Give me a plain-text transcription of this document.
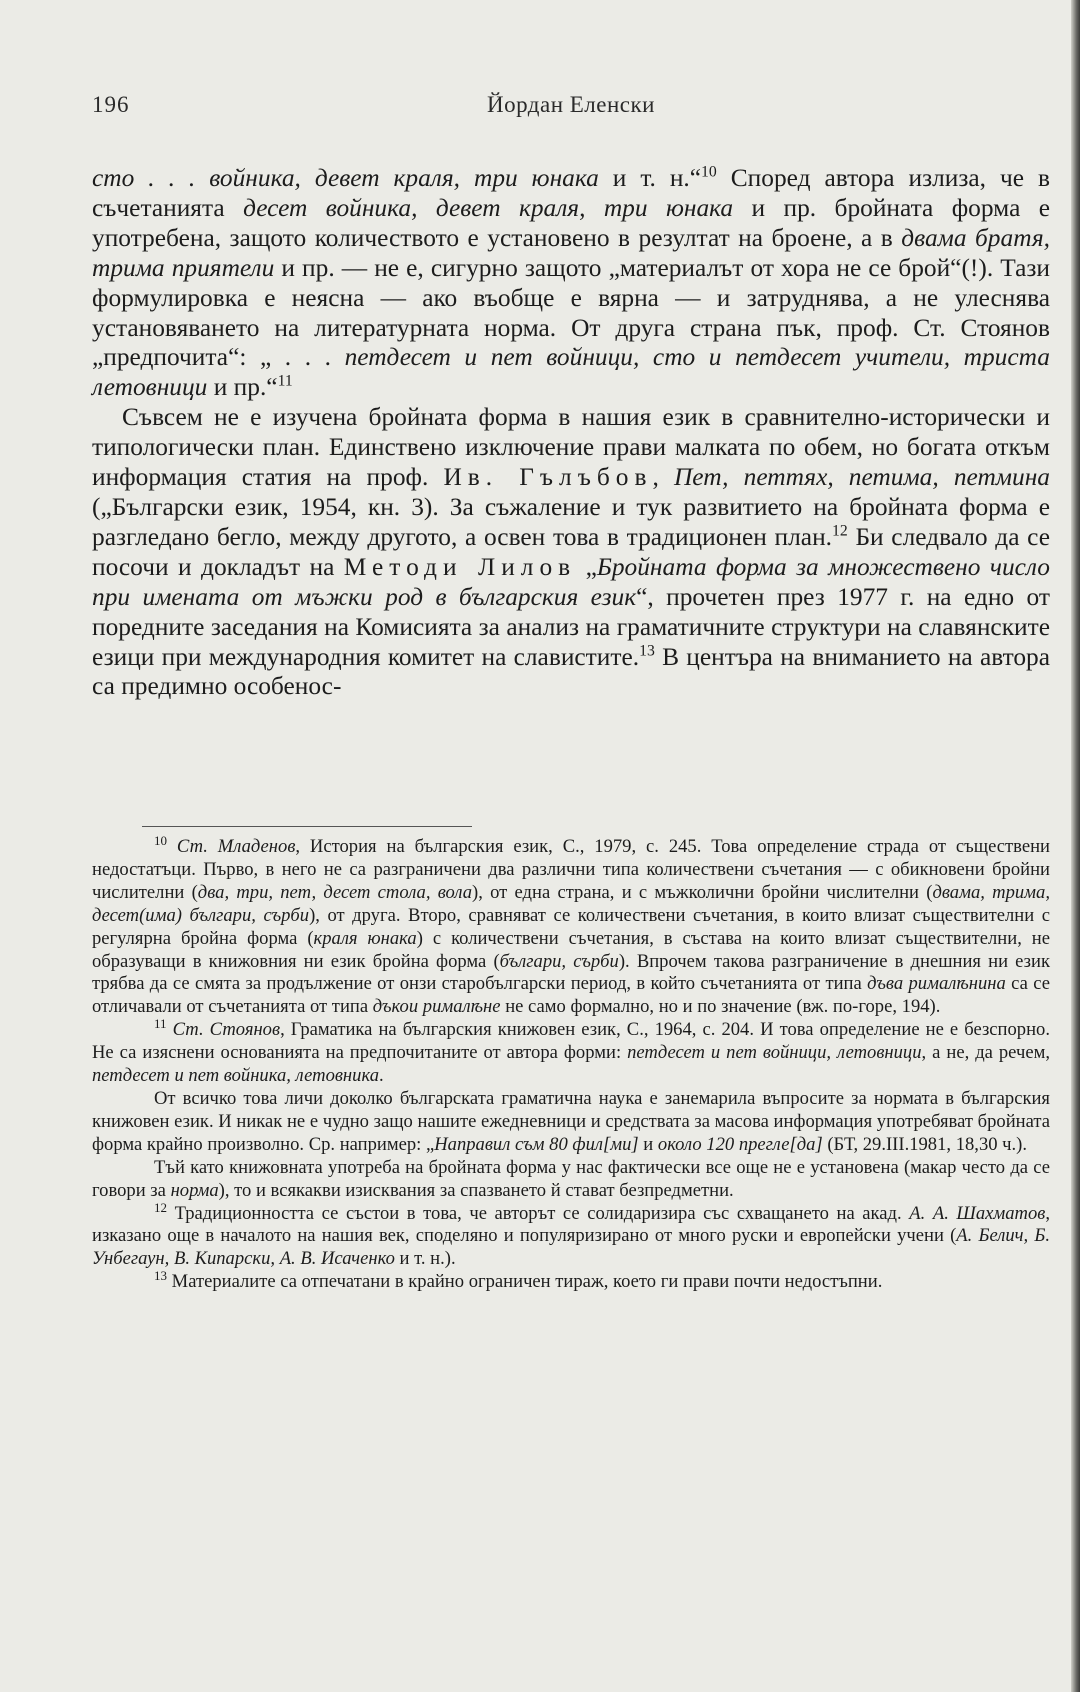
196	Йордан Еленски

сто . . . войника, девет краля, три юнака и т. н.“$^{10}$ Според автора излиза, че в съчетанията десет войника, девет краля, три юнака и пр. бройната форма е употребена, защото количеството е установено в резултат на броене, а в двама братя, трима приятели и пр. — не е, сигурно защото „материалът от хора не се брой“(!). Тази формулировка е неясна — ако въобще е вярна — и затруднява, а не улеснява установяването на литературната норма. От друга страна пък, проф. Ст. Стоянов „предпочита“: „ . . . петдесет и пет войници, сто и петдесет учители, триста летовници и пр.“$^{11}$

Съвсем не е изучена бройната форма в нашия език в сравнително-исторически и типологически план. Единствено изключение прави малката по обем, но богата откъм информация статия на проф. Ив. Гълъбов, Пет, петтях, петима, петмина („Български език, 1954, кн. 3). За съжаление и тук развитието на бройната форма е разгледано бегло, между другото, а освен това в традиционен план.$^{12}$ Би следвало да се посочи и докладът на Методи Лилов „Бройната форма за множествено число при имената от мъжки род в българския език“, прочетен през 1977 г. на едно от поредните заседания на Комисията за анализ на граматичните структури на славянските езици при международния комитет на славистите.$^{13}$ В центъра на вниманието на автора са предимно особенос-

$^{10}$ Ст. Младенов, История на българския език, С., 1979, с. 245. Това определение страда от съществени недостатъци. Първо, в него не са разграничени два различни типа количествени съчетания — с обикновени бройни числителни (два, три, пет, десет стола, вола), от една страна, и с мъжколични бройни числителни (двама, трима, десет(има) българи, сърби), от друга. Второ, сравняват се количествени съчетания, в които влизат съществителни с регулярна бройна форма (краля юнака) с количествени съчетания, в състава на които влизат съществителни, не образуващи в книжовния ни език бройна форма (българи, сърби). Впрочем такова разграничение в днешния ни език трябва да се смята за продължение от онзи старобългарски период, в който съчетанията от типа дъва рималѣнина са се отличавали от съчетанията от типа дъкои рималѣне не само формално, но и по значение (вж. по-горе, 194).

$^{11}$ Ст. Стоянов, Граматика на българския книжовен език, С., 1964, с. 204. И това определение не е безспорно. Не са изяснени основанията на предпочитаните от автора форми: петдесет и пет войници, летовници, а не, да речем, петдесет и пет войника, летовника.

От всичко това личи доколко българската граматична наука е занемарила въпросите за нормата в българския книжовен език. И никак не е чудно защо нашите ежедневници и средствата за масова информация употребяват бройната форма крайно произволно. Ср. например: „Направил съм 80 фил[ми] и около 120 прегле[да] (БТ, 29.III.1981, 18,30 ч.).

Тъй като книжовната употреба на бройната форма у нас фактически все още не е установена (макар често да се говори за норма), то и всякакви изисквания за спазването й стават безпредметни.

$^{12}$ Традиционността се състои в това, че авторът се солидаризира със схващането на акад. А. А. Шахматов, изказано още в началото на нашия век, споделяно и популяризирано от много руски и европейски учени (А. Белич, Б. Унбегаун, В. Кипарски, А. В. Исаченко и т. н.).

$^{13}$ Материалите са отпечатани в крайно ограничен тираж, което ги прави почти недостъпни.
